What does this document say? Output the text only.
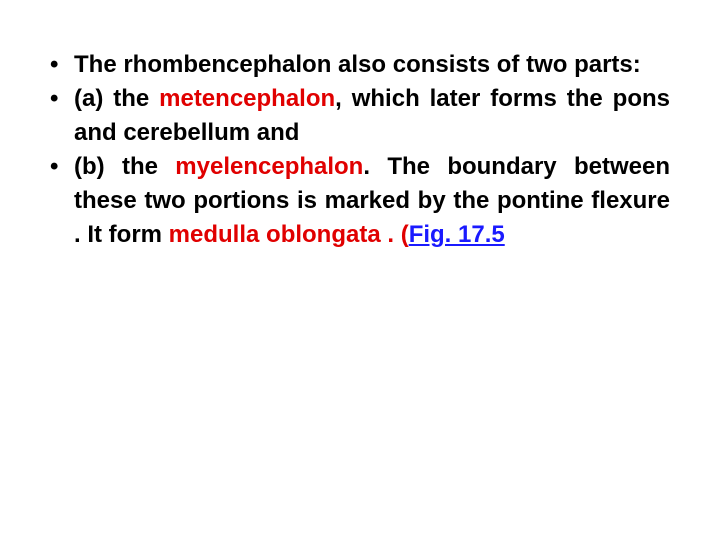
• The rhombencephalon also consists of two parts:
• (a) the metencephalon, which later forms the pons and cerebellum and
• (b) the myelencephalon. The boundary between these two portions is marked by the pontine flexure . It form medulla oblongata . (Fig. 17.5
